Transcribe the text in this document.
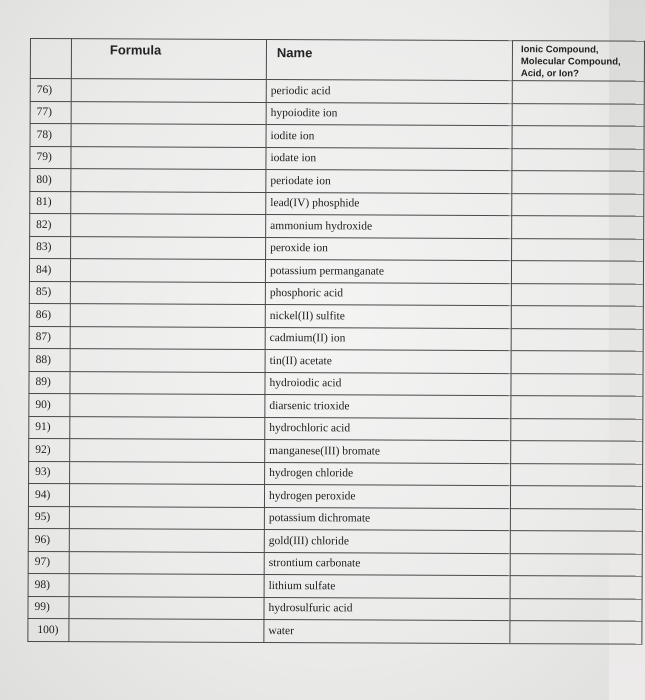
	Formula	Name	Ionic Compound, Molecular Compound, Acid, or Ion?
76)		periodic acid	
77)		hypoiodite ion	
78)		iodite ion	
79)		iodate ion	
80)		periodate ion	
81)		lead(IV) phosphide	
82)		ammonium hydroxide	
83)		peroxide ion	
84)		potassium permanganate	
85)		phosphoric acid	
86)		nickel(II) sulfite	
87)		cadmium(II) ion	
88)		tin(II) acetate	
89)		hydroiodic acid	
90)		diarsenic trioxide	
91)		hydrochloric acid	
92)		manganese(III) bromate	
93)		hydrogen chloride	
94)		hydrogen peroxide	
95)		potassium dichromate	
96)		gold(III) chloride	
97)		strontium carbonate	
98)		lithium sulfate	
99)		hydrosulfuric acid	
100)		water	
